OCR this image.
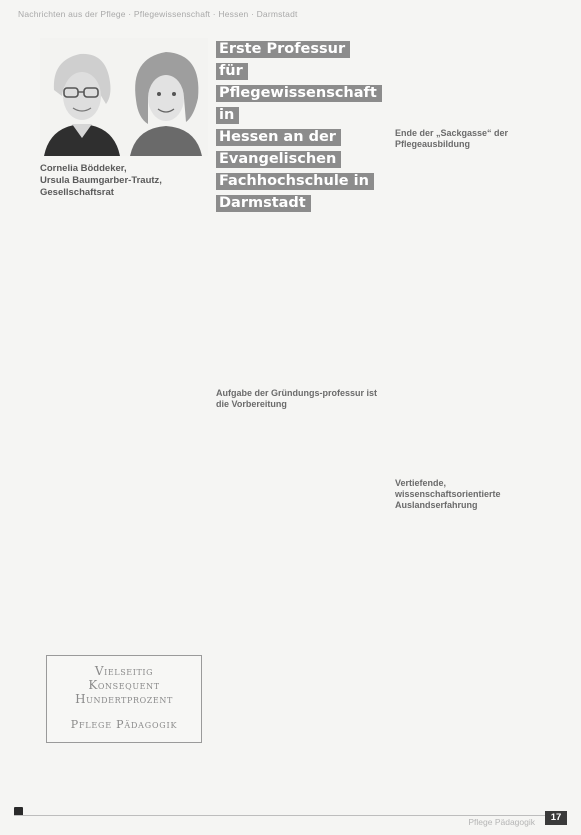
Nachrichten aus der Pflege · Pflegewissenschaft · Hessen · Darmstadt
Cornelia Böddeker,
Ursula Baumgarber-Trautz,
Gesellschaftsrat
Erste Professur für
Pflegewissenschaft in
Hessen an der
Evangelischen
Fachhochschule in
Darmstadt
Aufgabe der Gründungs-professur ist die Vorbereitung
Ende der „Sackgasse“ der Pflegeausbildung
Vertiefende, wissenschaftsorientierte Auslandserfahrung
Vielseitig
Konsequent
Hundertprozent
Pflege Pädagogik
Pflege Pädagogik	17
